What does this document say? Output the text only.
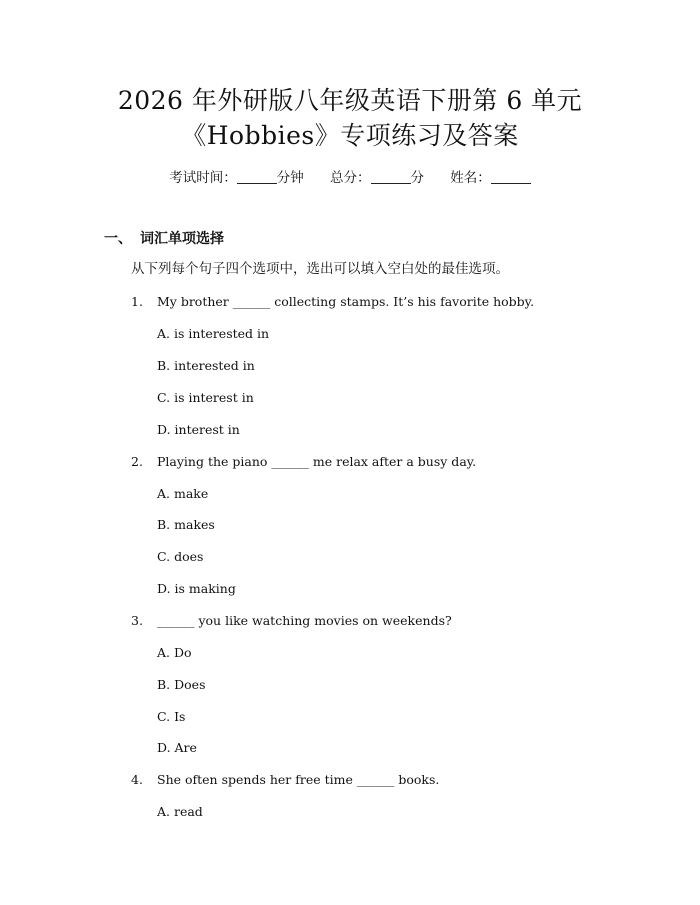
2026 年外研版八年级英语下册第 6 单元
《Hobbies》专项练习及答案
考试时间：	分钟 总分：	分 姓名：
一、 词汇单项选择
从下列每个句子四个选项中，选出可以填入空白处的最佳选项。
1. My brother ______ collecting stamps. It’s his favorite hobby.
A. is interested in
B. interested in
C. is interest in
D. interest in
2. Playing the piano ______ me relax after a busy day.
A. make
B. makes
C. does
D. is making
3. ______ you like watching movies on weekends?
A. Do
B. Does
C. Is
D. Are
4. She often spends her free time ______ books.
A. read
